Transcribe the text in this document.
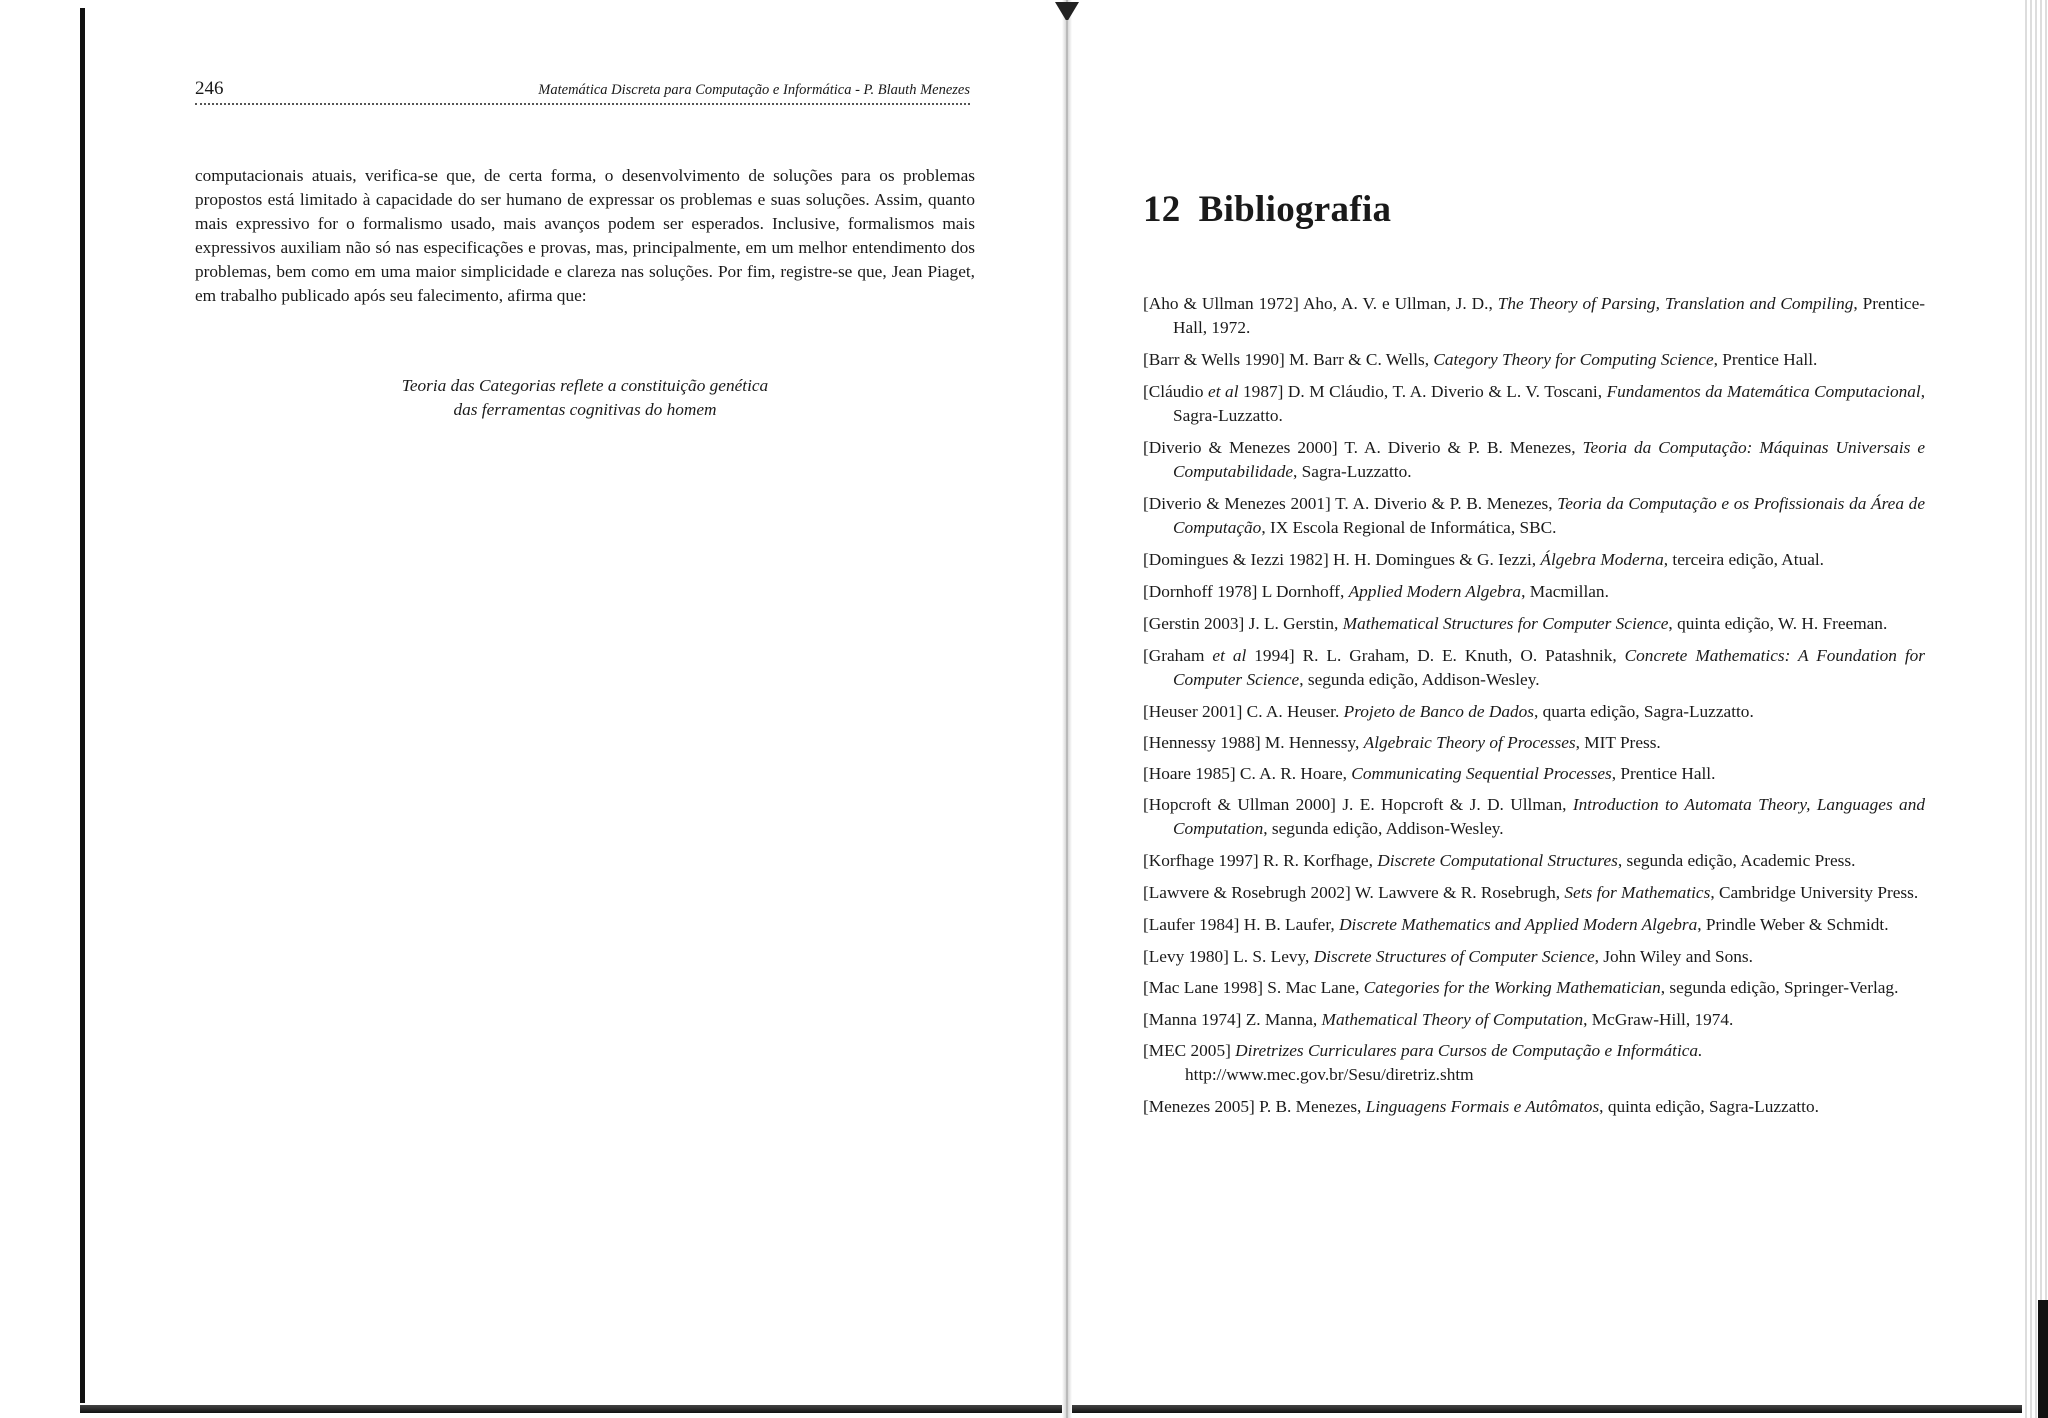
246	Matemática Discreta para Computação e Informática - P. Blauth Menezes

computacionais atuais, verifica-se que, de certa forma, o desenvolvimento de soluções para os problemas propostos está limitado à capacidade do ser humano de expressar os problemas e suas soluções. Assim, quanto mais expressivo for o formalismo usado, mais avanços podem ser esperados. Inclusive, formalismos mais expressivos auxiliam não só nas especificações e provas, mas, principalmente, em um melhor entendimento dos problemas, bem como em uma maior simplicidade e clareza nas soluções. Por fim, registre-se que, Jean Piaget, em trabalho publicado após seu falecimento, afirma que:

Teoria das Categorias reflete a constituição genética
das ferramentas cognitivas do homem
12 Bibliografia
[Aho & Ullman 1972] Aho, A. V. e Ullman, J. D., The Theory of Parsing, Translation and Compiling, Prentice-Hall, 1972.
[Barr & Wells 1990] M. Barr & C. Wells, Category Theory for Computing Science, Prentice Hall.
[Cláudio et al 1987] D. M Cláudio, T. A. Diverio & L. V. Toscani, Fundamentos da Matemática Computacional, Sagra-Luzzatto.
[Diverio & Menezes 2000] T. A. Diverio & P. B. Menezes, Teoria da Computação: Máquinas Universais e Computabilidade, Sagra-Luzzatto.
[Diverio & Menezes 2001] T. A. Diverio & P. B. Menezes, Teoria da Computação e os Profissionais da Área de Computação, IX Escola Regional de Informática, SBC.
[Domingues & Iezzi 1982] H. H. Domingues & G. Iezzi, Álgebra Moderna, terceira edição, Atual.
[Dornhoff 1978] L Dornhoff, Applied Modern Algebra, Macmillan.
[Gerstin 2003] J. L. Gerstin, Mathematical Structures for Computer Science, quinta edição, W. H. Freeman.
[Graham et al 1994] R. L. Graham, D. E. Knuth, O. Patashnik, Concrete Mathematics: A Foundation for Computer Science, segunda edição, Addison-Wesley.
[Heuser 2001] C. A. Heuser. Projeto de Banco de Dados, quarta edição, Sagra-Luzzatto.
[Hennessy 1988] M. Hennessy, Algebraic Theory of Processes, MIT Press.
[Hoare 1985] C. A. R. Hoare, Communicating Sequential Processes, Prentice Hall.
[Hopcroft & Ullman 2000] J. E. Hopcroft & J. D. Ullman, Introduction to Automata Theory, Languages and Computation, segunda edição, Addison-Wesley.
[Korfhage 1997] R. R. Korfhage, Discrete Computational Structures, segunda edição, Academic Press.
[Lawvere & Rosebrugh 2002] W. Lawvere & R. Rosebrugh, Sets for Mathematics, Cambridge University Press.
[Laufer 1984] H. B. Laufer, Discrete Mathematics and Applied Modern Algebra, Prindle Weber & Schmidt.
[Levy 1980] L. S. Levy, Discrete Structures of Computer Science, John Wiley and Sons.
[Mac Lane 1998] S. Mac Lane, Categories for the Working Mathematician, segunda edição, Springer-Verlag.
[Manna 1974] Z. Manna, Mathematical Theory of Computation, McGraw-Hill, 1974.
[MEC 2005] Diretrizes Curriculares para Cursos de Computação e Informática.
http://www.mec.gov.br/Sesu/diretriz.shtm
[Menezes 2005] P. B. Menezes, Linguagens Formais e Autômatos, quinta edição, Sagra-Luzzatto.
